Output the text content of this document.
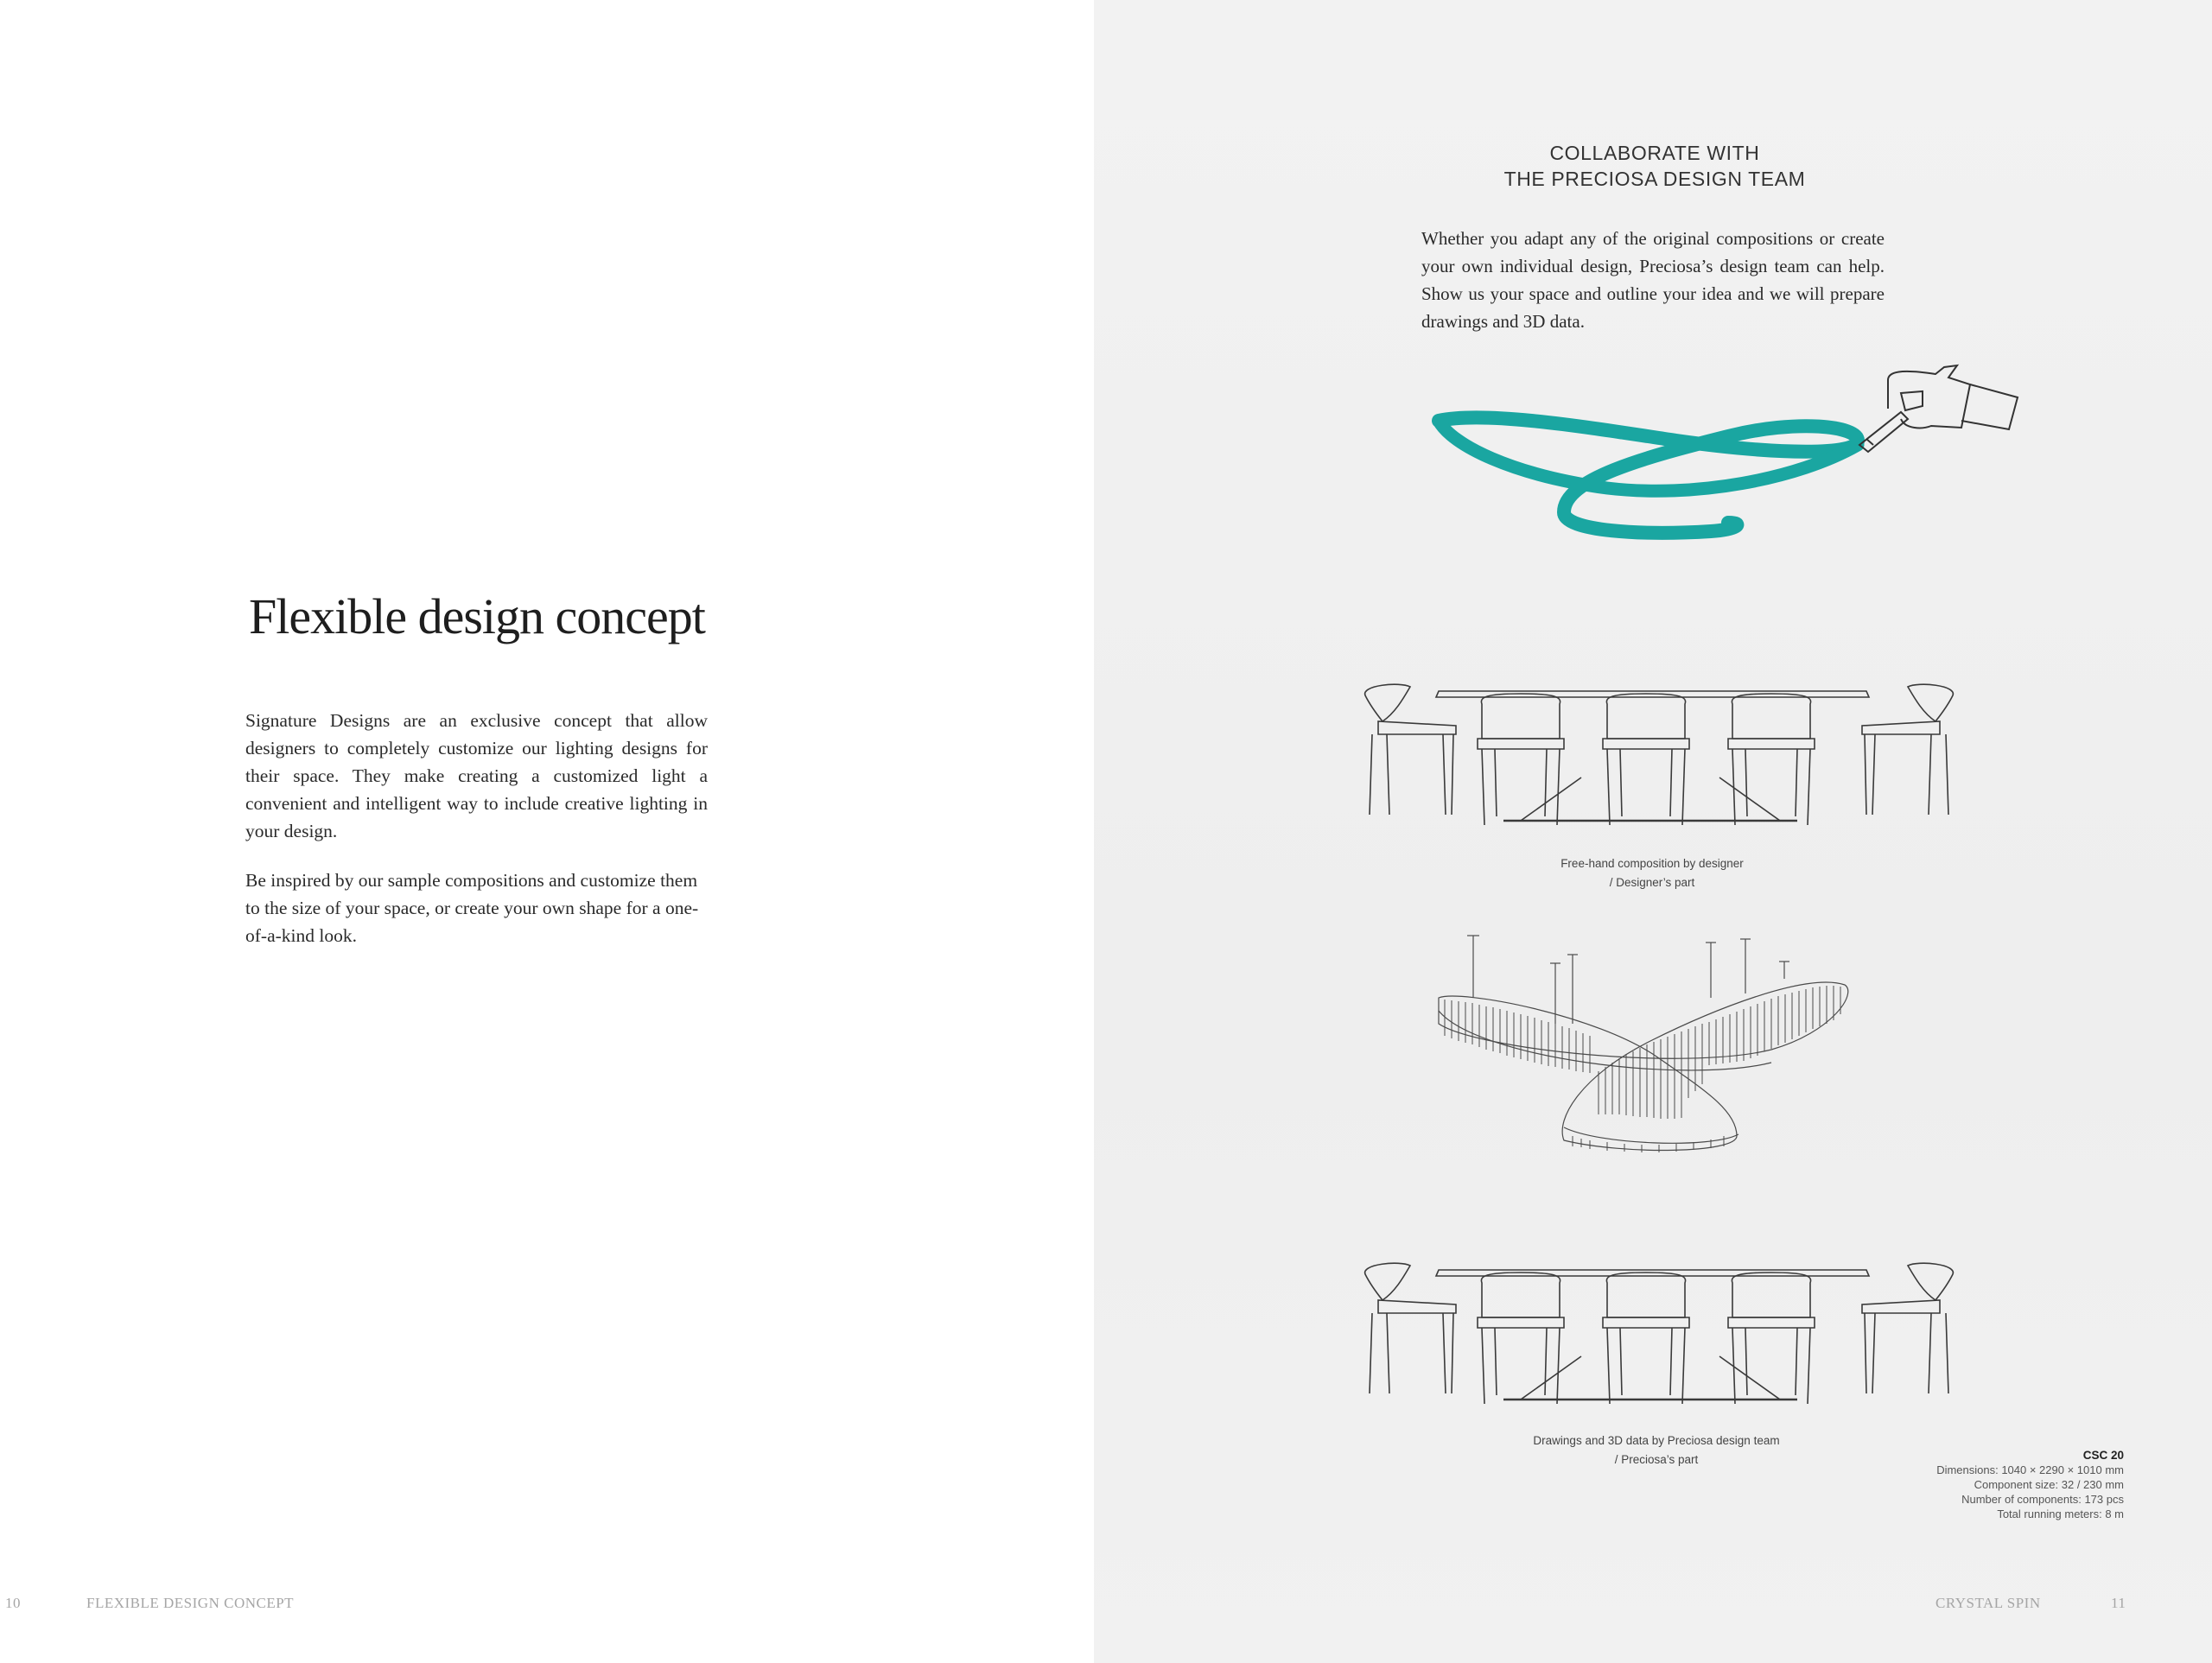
Flexible design concept

Signature Designs are an exclusive concept that allow designers to completely customize our lighting designs for their space. They make creating a customized light a convenient and intelligent way to include creative lighting in your design.

Be inspired by our sample compositions and customize them to the size of your space, or create your own shape for a one-of-a-kind look.

COLLABORATE WITH
THE PRECIOSA DESIGN TEAM

Whether you adapt any of the original compositions or create your own individual design, Preciosa’s design team can help. Show us your space and outline your idea and we will prepare drawings and 3D data.

Free-hand composition by designer
/ Designer’s part
Drawings and 3D data by Preciosa design team
/ Preciosa’s part	CSC 20
Dimensions: 1040 × 2290 × 1010 mm
Component size: 32 / 230 mm
Number of components: 173 pcs
Total running meters: 8 m
10	FLEXIBLE DESIGN CONCEPT	CRYSTAL SPIN	11
